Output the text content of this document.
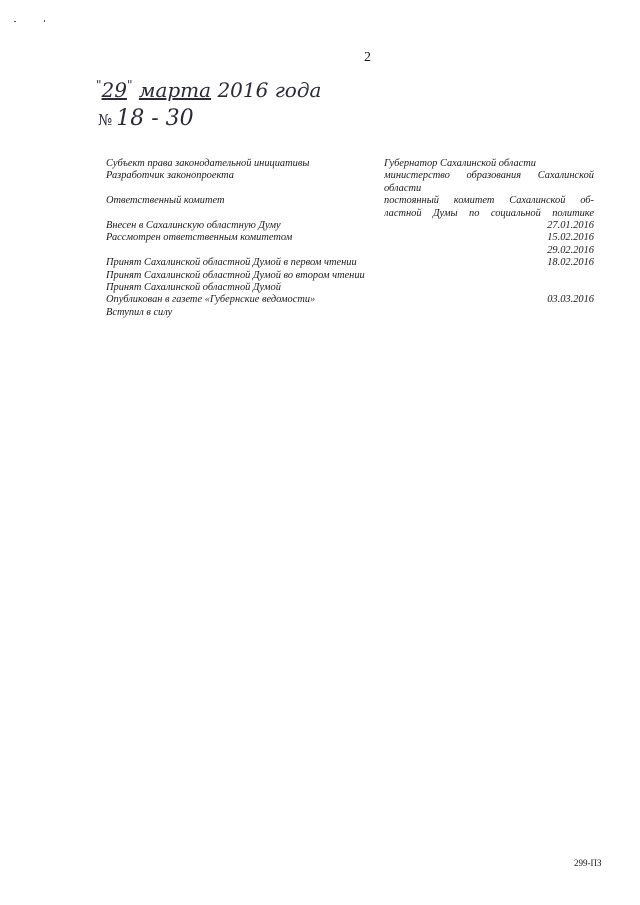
2
"29" марта 2016 года
№ 18 - 30
Субъект права законодательной инициативы
Разработчик законопроекта
Ответственный комитет
Внесен в Сахалинскую областную Думу
Рассмотрен ответственным комитетом
Принят Сахалинской областной Думой в первом чтении
Принят Сахалинской областной Думой во втором чтении
Принят Сахалинской областной Думой
Опубликован в газете «Губернские ведомости»
Вступил в силу
Губернатор Сахалинской области
министерство образования Сахалинской
области
постоянный комитет Сахалинской об-
ластной Думы по социальной политике
27.01.2016
15.02.2016
29.02.2016
18.02.2016
03.03.2016
299-ПЗ
